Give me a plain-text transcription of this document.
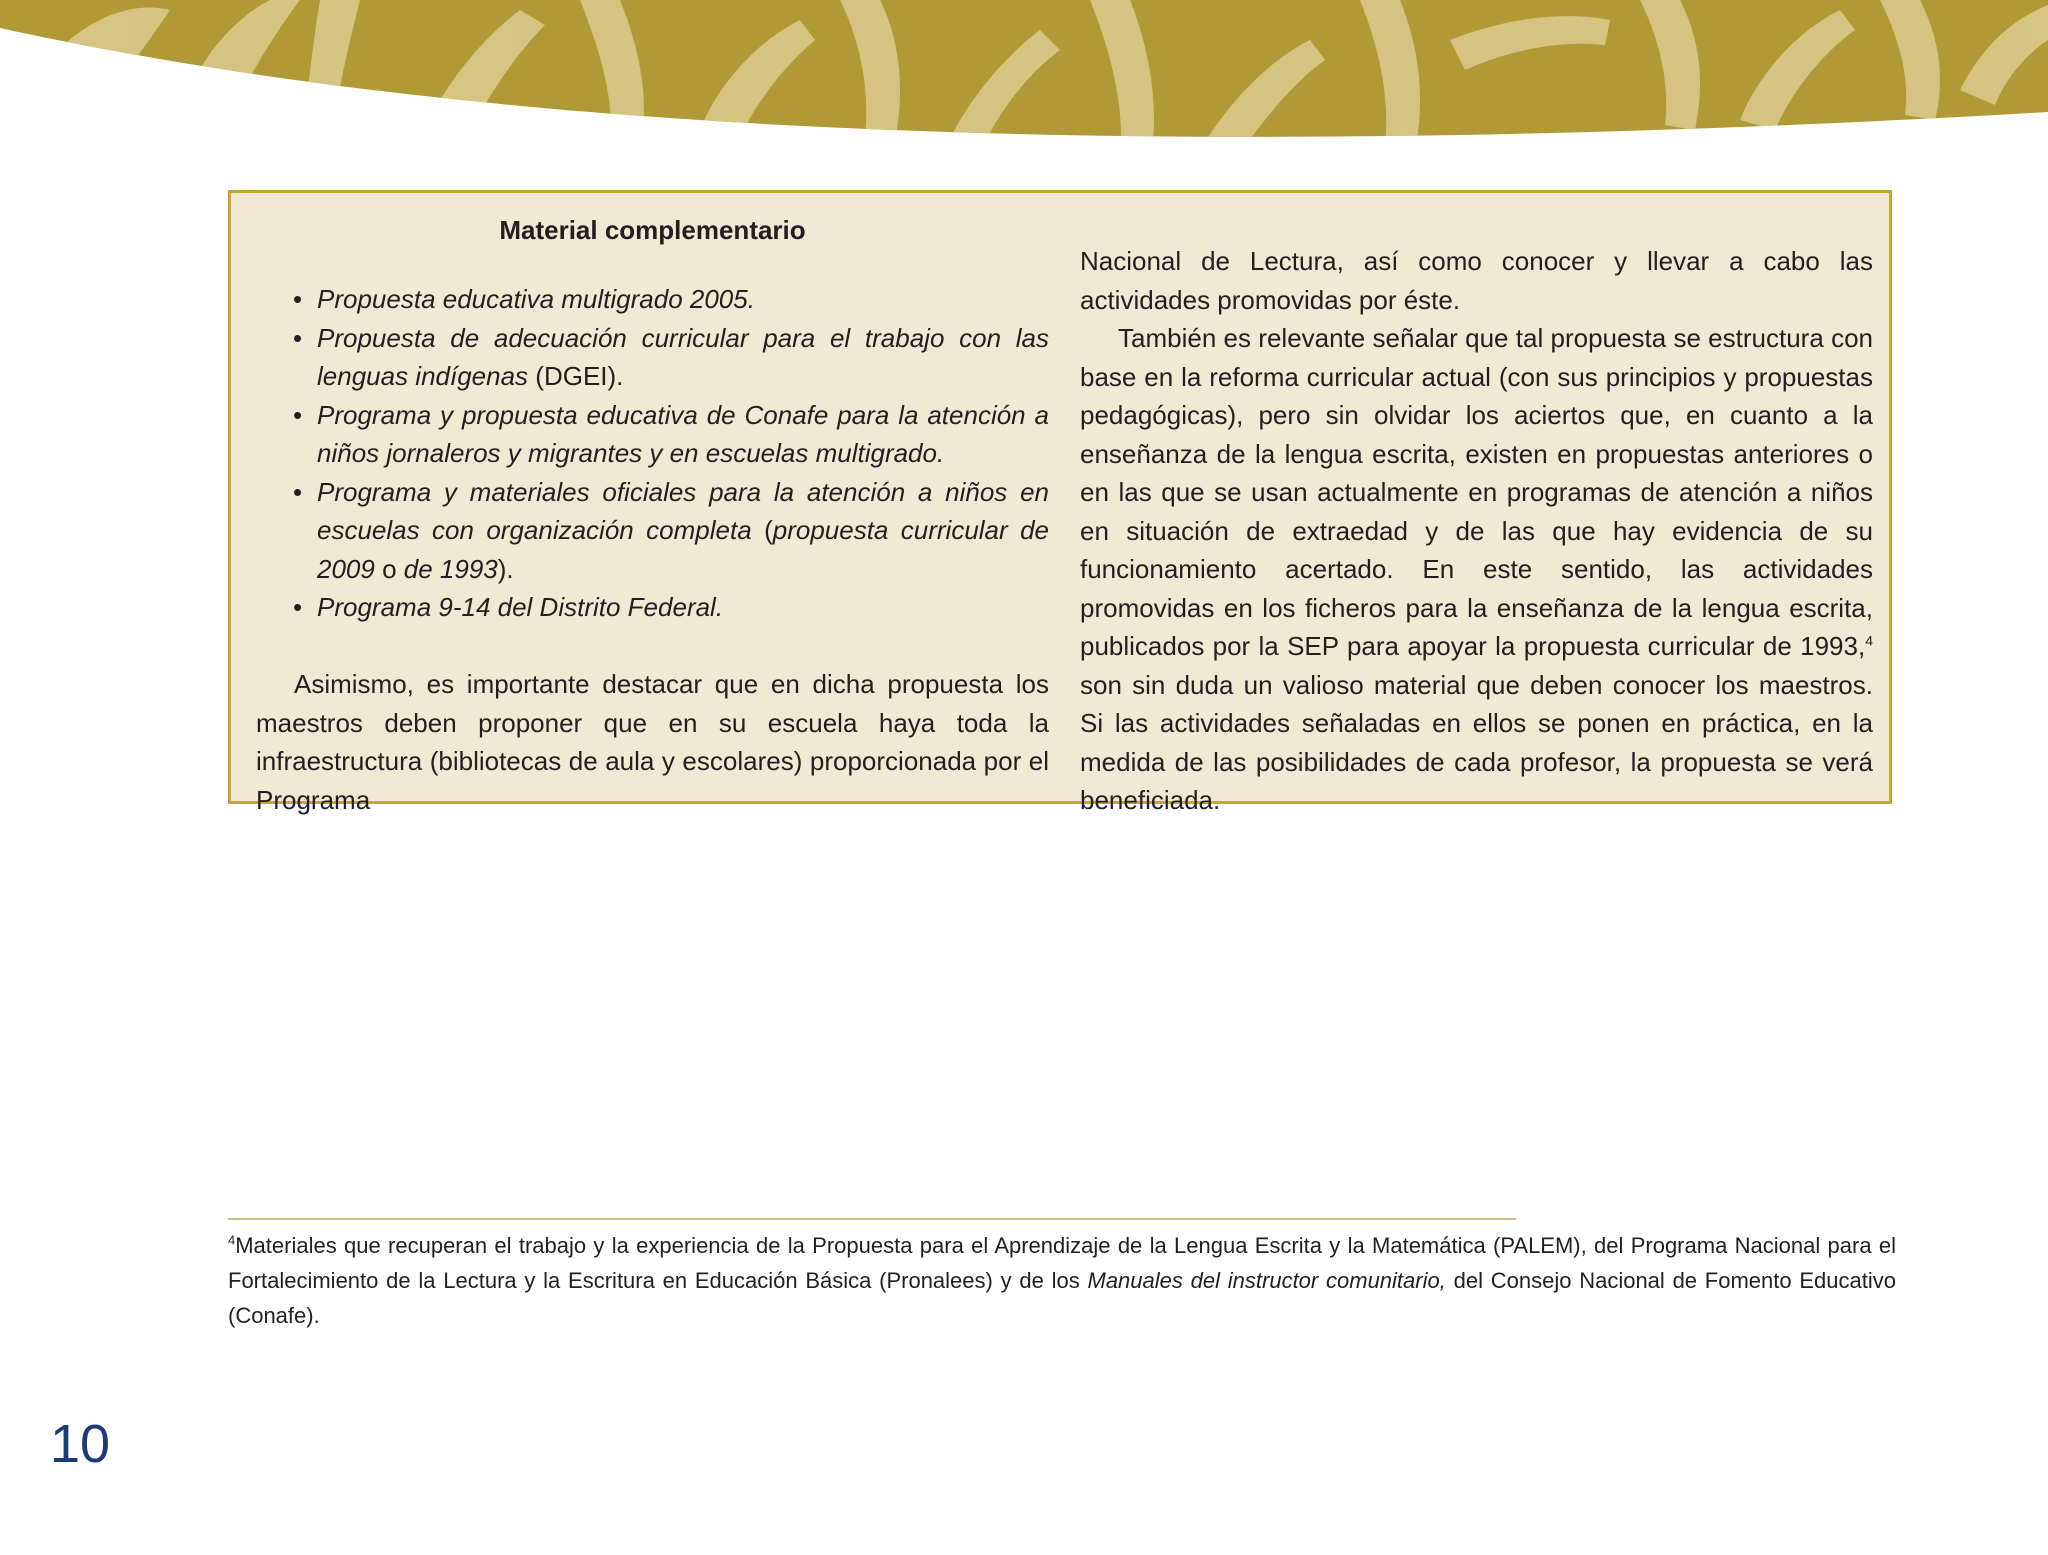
Material complementario
• Propuesta educativa multigrado 2005.
• Propuesta de adecuación curricular para el trabajo con las lenguas indígenas (DGEI).
• Programa y propuesta educativa de Conafe para la atención a niños jornaleros y migrantes y en escuelas multigrado.
• Programa y materiales oficiales para la atención a niños en escuelas con organización completa (propuesta curricular de 2009 o de 1993).
• Programa 9-14 del Distrito Federal.

Asimismo, es importante destacar que en dicha propuesta los maestros deben proponer que en su escuela haya toda la infraestructura (bibliotecas de aula y escolares) proporcionada por el Programa

Nacional de Lectura, así como conocer y llevar a cabo las actividades promovidas por éste.

También es relevante señalar que tal propuesta se estructura con base en la reforma curricular actual (con sus principios y propuestas pedagógicas), pero sin olvidar los aciertos que, en cuanto a la enseñanza de la lengua escrita, existen en propuestas anteriores o en las que se usan actualmente en programas de atención a niños en situación de extraedad y de las que hay evidencia de su funcionamiento acertado. En este sentido, las actividades promovidas en los ficheros para la enseñanza de la lengua escrita, publicados por la SEP para apoyar la propuesta curricular de 1993,$^4$ son sin duda un valioso material que deben conocer los maestros. Si las actividades señaladas en ellos se ponen en práctica, en la medida de las posibilidades de cada profesor, la propuesta se verá beneficiada.

$^4$Materiales que recuperan el trabajo y la experiencia de la Propuesta para el Aprendizaje de la Lengua Escrita y la Matemática (PALEM), del Programa Nacional para el Fortalecimiento de la Lectura y la Escritura en Educación Básica (Pronalees) y de los Manuales del instructor comunitario, del Consejo Nacional de Fomento Educativo (Conafe).
10
